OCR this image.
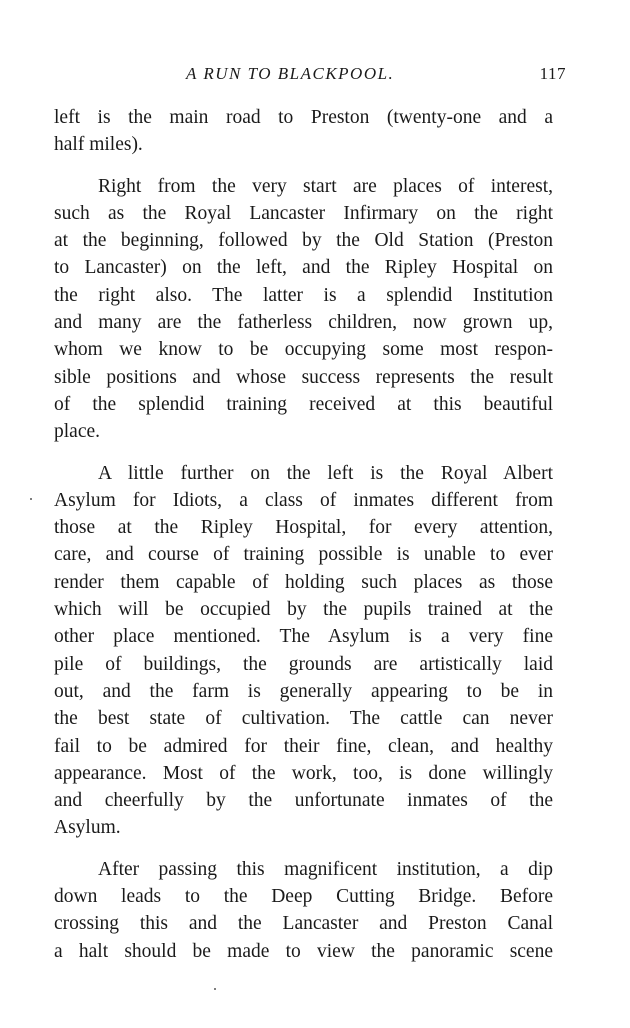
A RUN TO BLACKPOOL.	117

left is the main road to Preston (twenty-one and a
half miles).

Right from the very start are places of interest,
such as the Royal Lancaster Infirmary on the right
at the beginning, followed by the Old Station (Preston
to Lancaster) on the left, and the Ripley Hospital on
the right also. The latter is a splendid Institution
and many are the fatherless children, now grown up,
whom we know to be occupying some most respon-
sible positions and whose success represents the result
of the splendid training received at this beautiful
place.

A little further on the left is the Royal Albert
Asylum for Idiots, a class of inmates different from
those at the Ripley Hospital, for every attention,
care, and course of training possible is unable to ever
render them capable of holding such places as those
which will be occupied by the pupils trained at the
other place mentioned. The Asylum is a very fine
pile of buildings, the grounds are artistically laid
out, and the farm is generally appearing to be in
the best state of cultivation. The cattle can never
fail to be admired for their fine, clean, and healthy
appearance. Most of the work, too, is done willingly
and cheerfully by the unfortunate inmates of the
Asylum.

After passing this magnificent institution, a dip
down leads to the Deep Cutting Bridge. Before
crossing this and the Lancaster and Preston Canal
a halt should be made to view the panoramic scene
